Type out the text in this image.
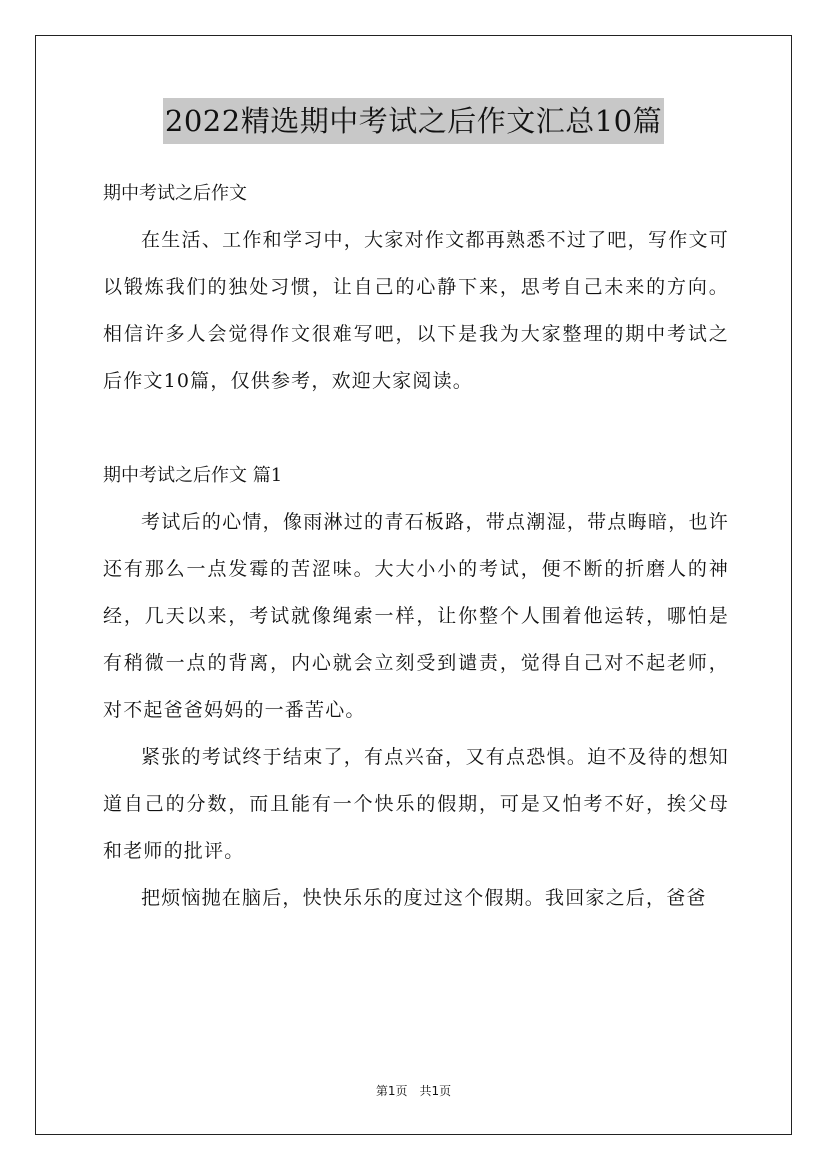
2022精选期中考试之后作文汇总10篇

期中考试之后作文

在生活、工作和学习中，大家对作文都再熟悉不过了吧，写作文可以锻炼我们的独处习惯，让自己的心静下来，思考自己未来的方向。相信许多人会觉得作文很难写吧，以下是我为大家整理的期中考试之后作文10篇，仅供参考，欢迎大家阅读。

期中考试之后作文 篇1

考试后的心情，像雨淋过的青石板路，带点潮湿，带点晦暗，也许还有那么一点发霉的苦涩味。大大小小的考试，便不断的折磨人的神经，几天以来，考试就像绳索一样，让你整个人围着他运转，哪怕是有稍微一点的背离，内心就会立刻受到谴责，觉得自己对不起老师，对不起爸爸妈妈的一番苦心。

紧张的考试终于结束了，有点兴奋，又有点恐惧。迫不及待的想知道自己的分数，而且能有一个快乐的假期，可是又怕考不好，挨父母和老师的批评。

把烦恼抛在脑后，快快乐乐的度过这个假期。我回家之后，爸爸

第1页 共1页
